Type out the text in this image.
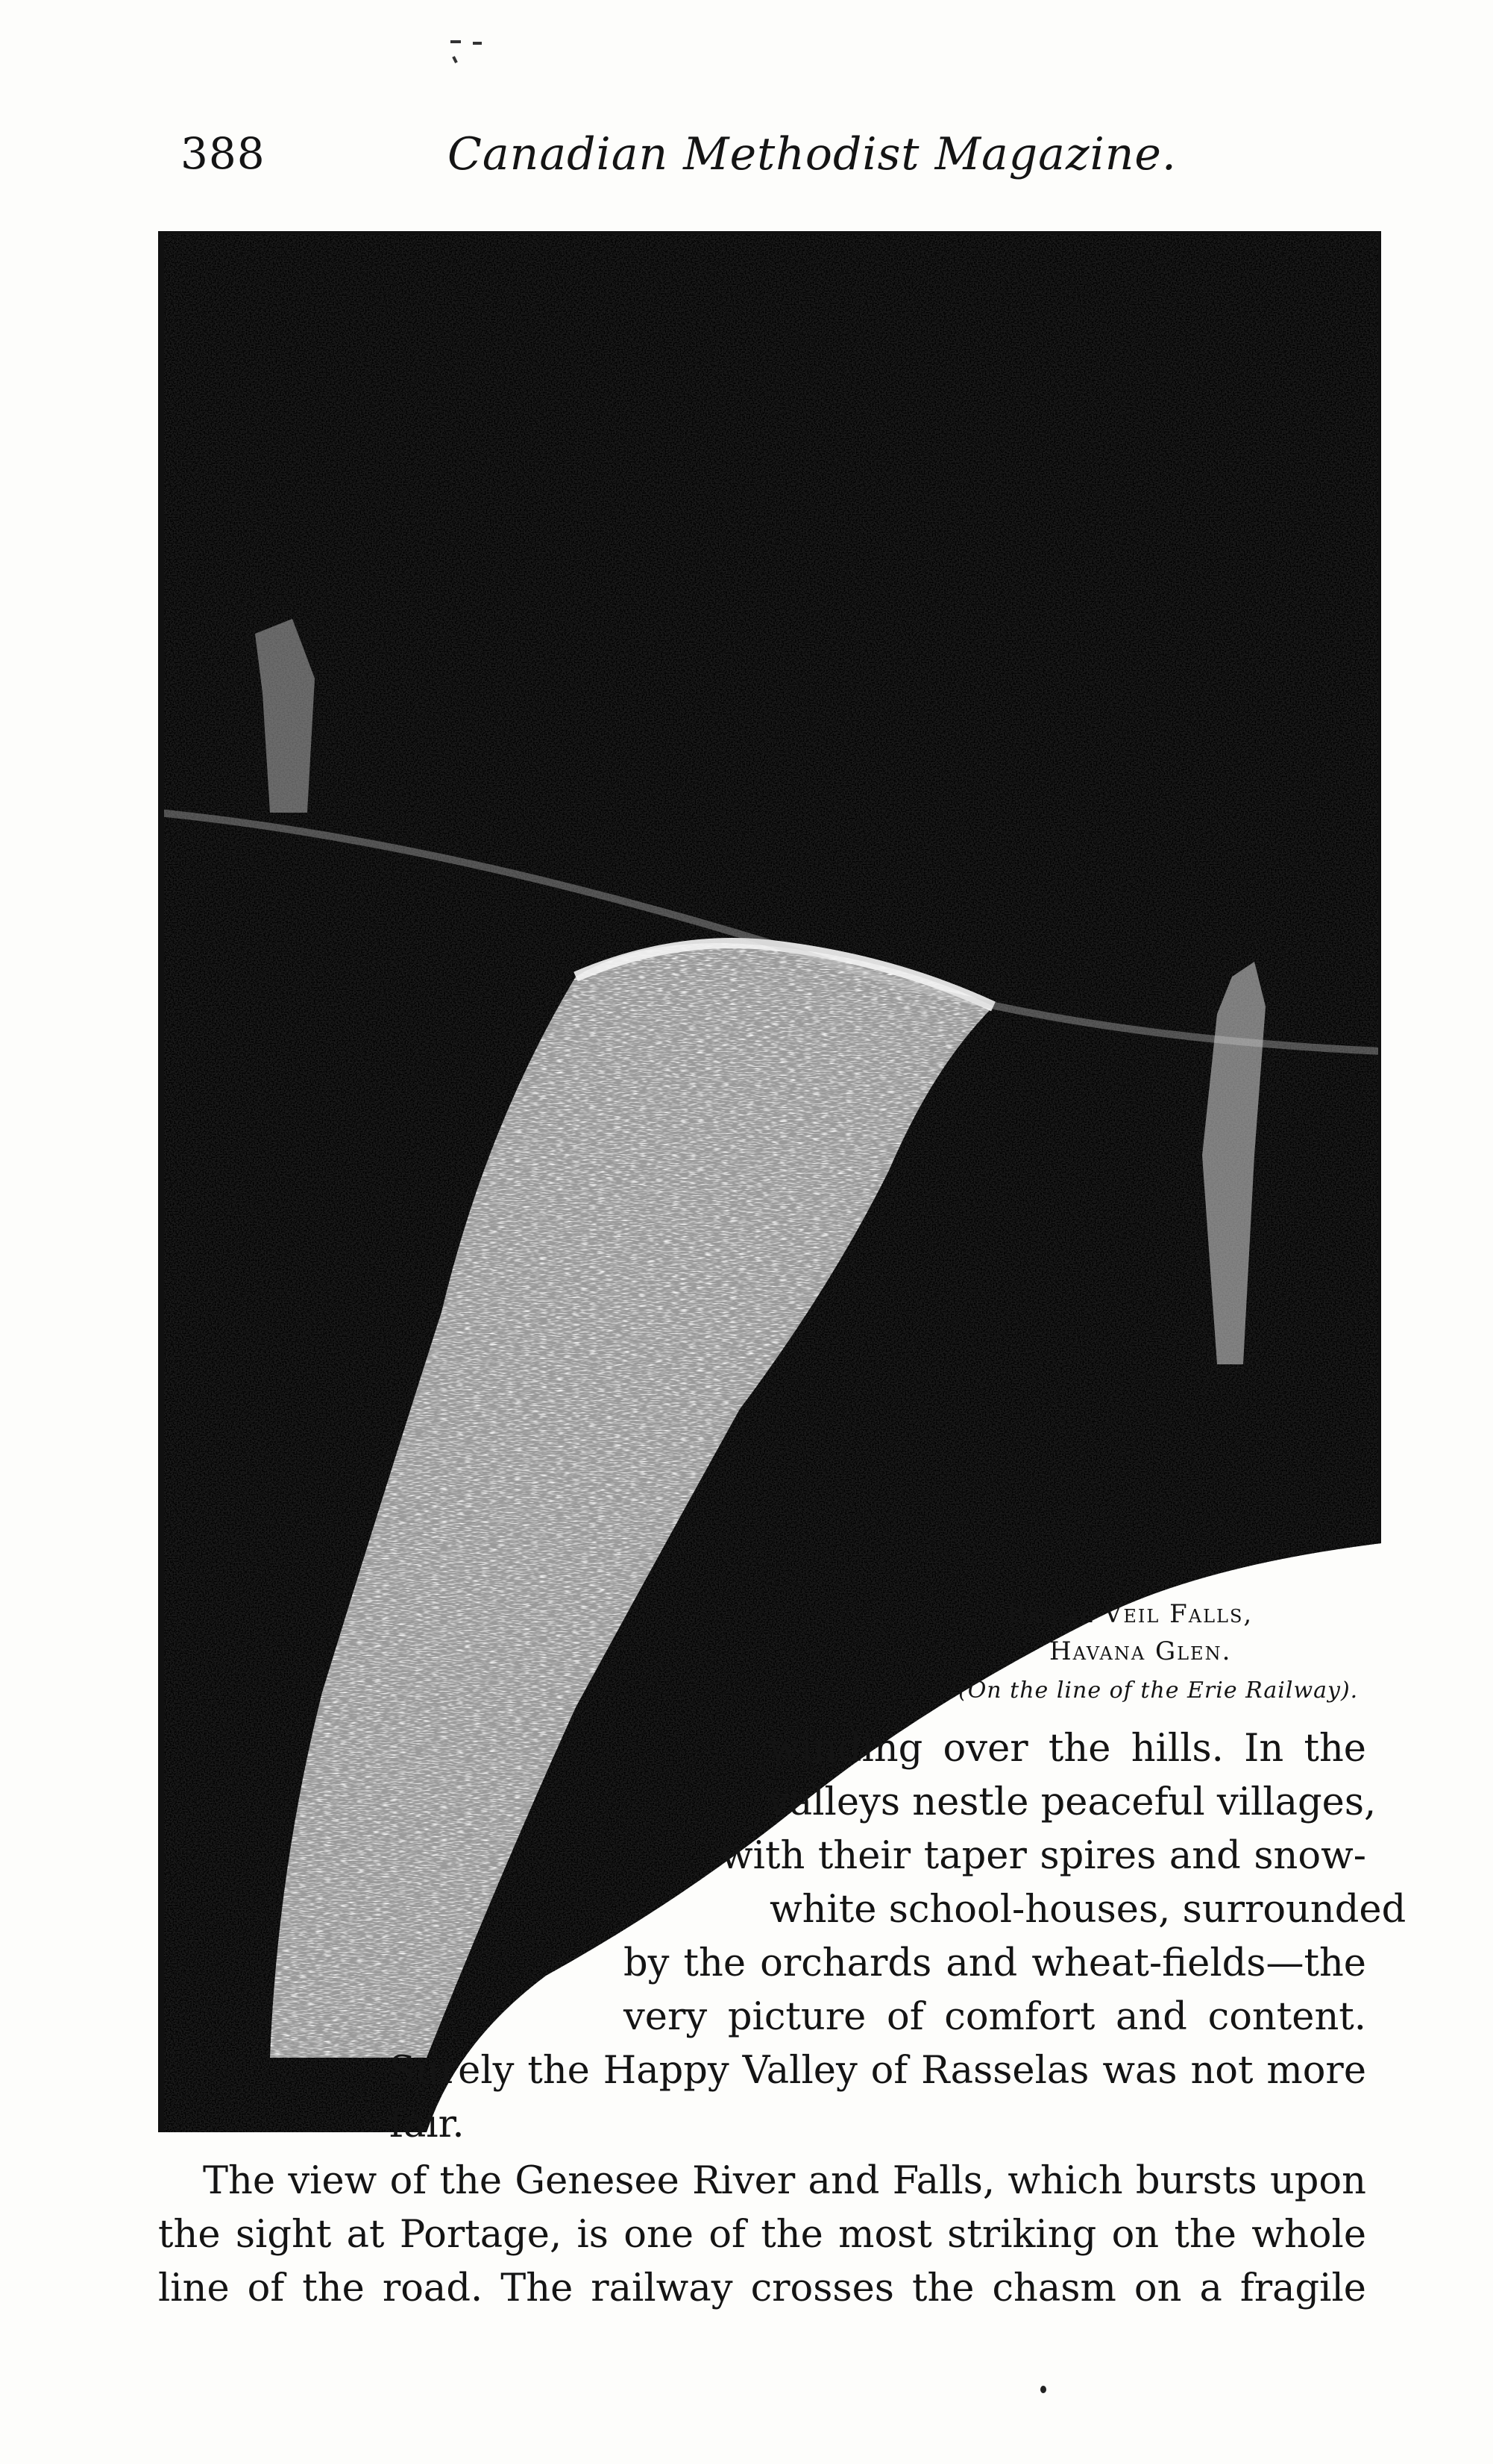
388	Canadian Methodist Magazine.
Bridal Veil Falls,
Havana Glen.
(On the line of the Erie Railway).
winding over the hills. In the
valleys nestle peaceful villages,
with their taper spires and snow-
white school-houses, surrounded
by the orchards and wheat-fields—the
very picture of comfort and content.
Surely the Happy Valley of Rasselas was not more
fair.
The view of the Genesee River and Falls, which bursts upon
the sight at Portage, is one of the most striking on the whole
line of the road. The railway crosses the chasm on a fragile
